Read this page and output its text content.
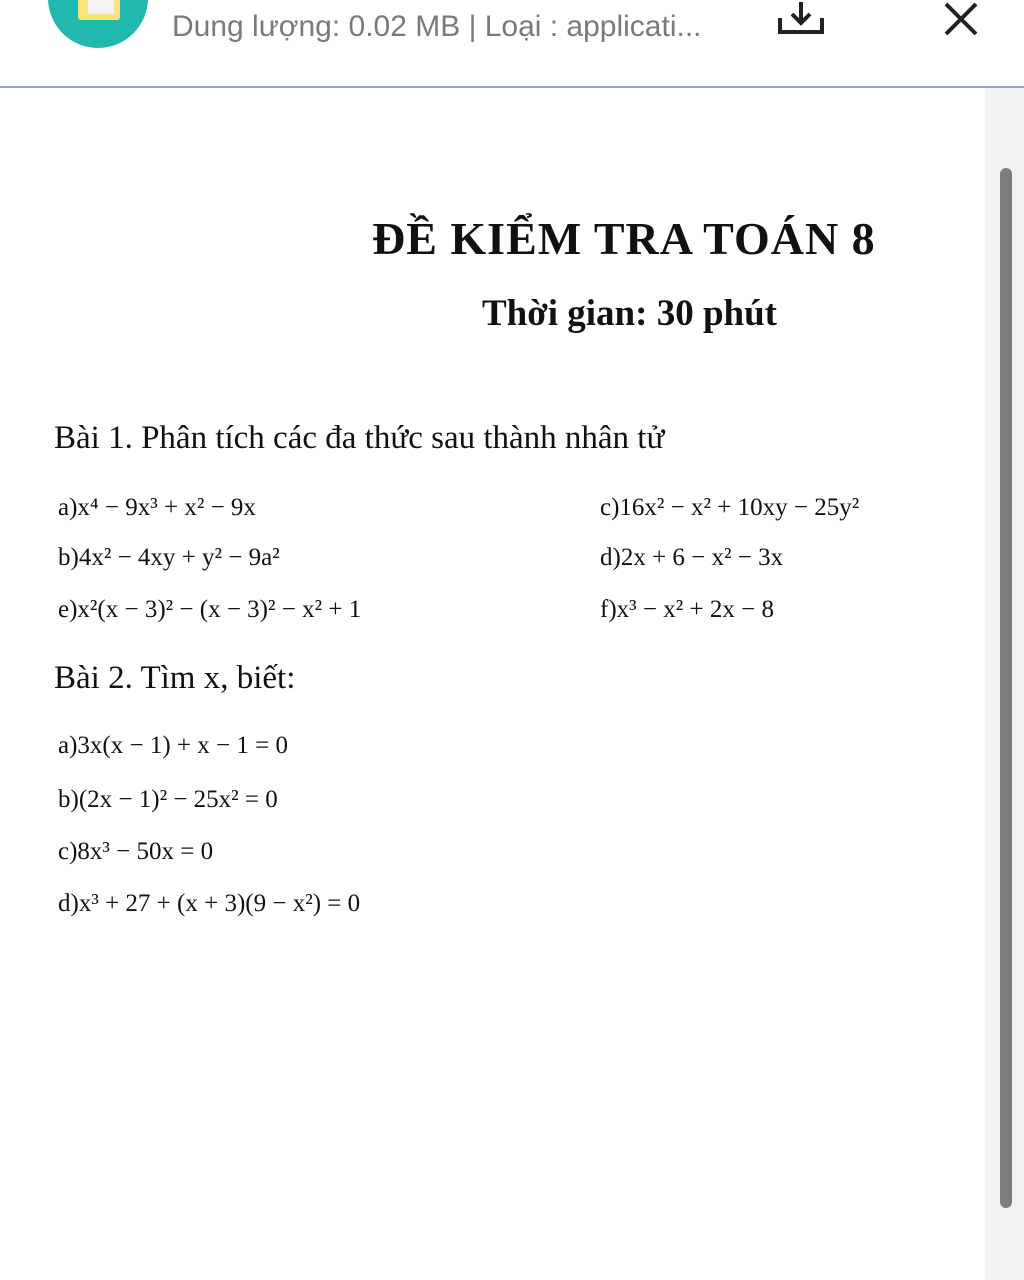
Dung lượng: 0.02 MB | Loại : applicati...
ĐỀ KIỂM TRA TOÁN 8
Thời gian: 30 phút
Bài 1. Phân tích các đa thức sau thành nhân tử
a)x⁴ − 9x³ + x² − 9x	c)16x² − x² + 10xy − 25y²
b)4x² − 4xy + y² − 9a²	d)2x + 6 − x² − 3x
e)x²(x − 3)² − (x − 3)² − x² + 1	f)x³ − x² + 2x − 8
Bài 2. Tìm x, biết:
a)3x(x − 1) + x − 1 = 0
b)(2x − 1)² − 25x² = 0
c)8x³ − 50x = 0
d)x³ + 27 + (x + 3)(9 − x²) = 0
